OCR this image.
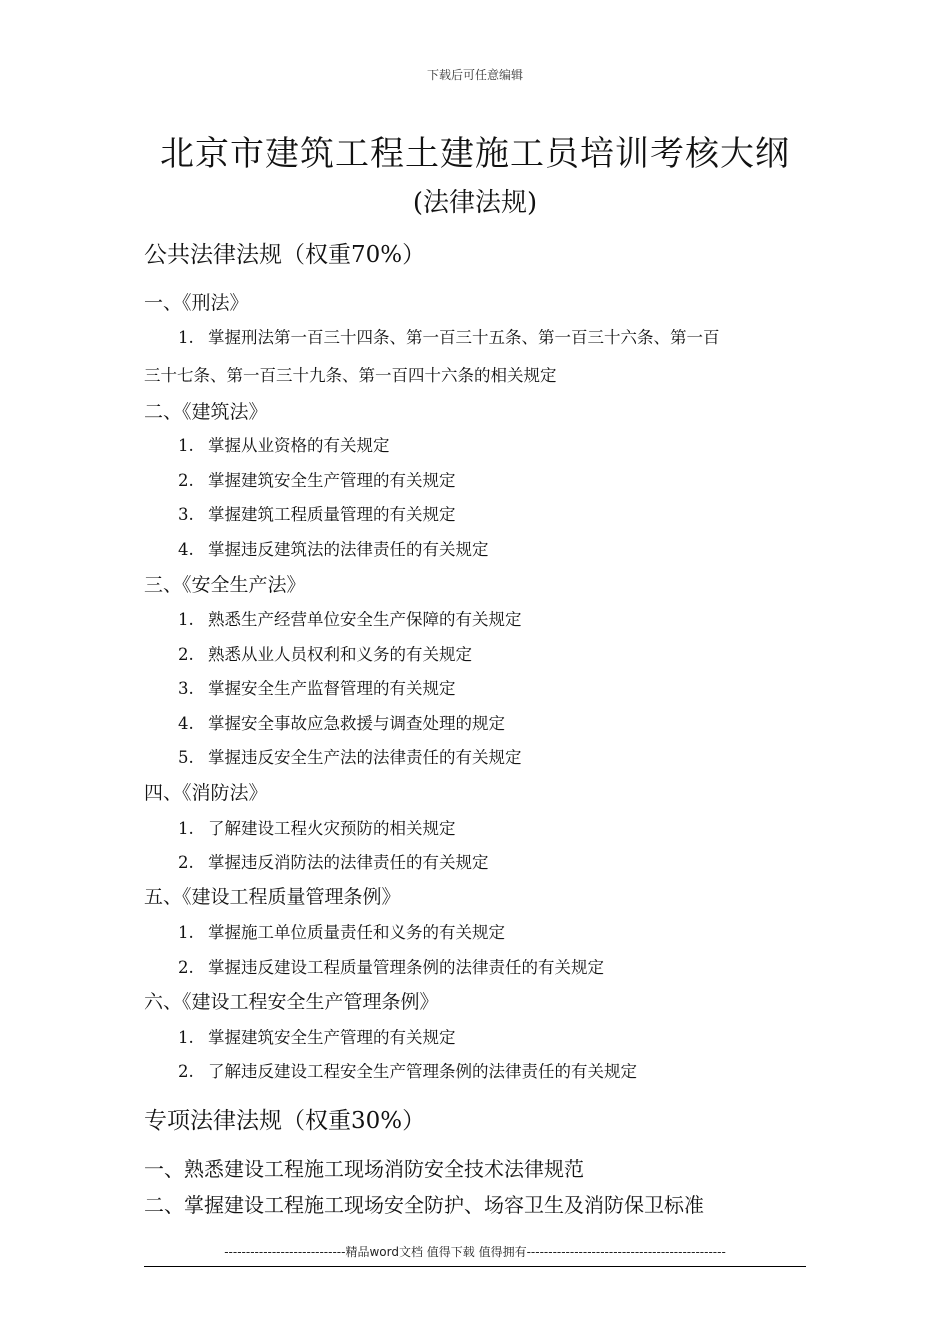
下载后可任意编辑
北京市建筑工程土建施工员培训考核大纲
(法律法规)
公共法律法规（权重70%）
一、《刑法》
1. 掌握刑法第一百三十四条、第一百三十五条、第一百三十六条、第一百
三十七条、第一百三十九条、第一百四十六条的相关规定
二、《建筑法》
1. 掌握从业资格的有关规定
2. 掌握建筑安全生产管理的有关规定
3. 掌握建筑工程质量管理的有关规定
4. 掌握违反建筑法的法律责任的有关规定
三、《安全生产法》
1. 熟悉生产经营单位安全生产保障的有关规定
2. 熟悉从业人员权利和义务的有关规定
3. 掌握安全生产监督管理的有关规定
4. 掌握安全事故应急救援与调查处理的规定
5. 掌握违反安全生产法的法律责任的有关规定
四、《消防法》
1. 了解建设工程火灾预防的相关规定
2. 掌握违反消防法的法律责任的有关规定
五、《建设工程质量管理条例》
1. 掌握施工单位质量责任和义务的有关规定
2. 掌握违反建设工程质量管理条例的法律责任的有关规定
六、《建设工程安全生产管理条例》
1. 掌握建筑安全生产管理的有关规定
2. 了解违反建设工程安全生产管理条例的法律责任的有关规定
专项法律法规（权重30%）
一、熟悉建设工程施工现场消防安全技术法律规范
二、掌握建设工程施工现场安全防护、场容卫生及消防保卫标准
----------------------------精品word文档 值得下载 值得拥有----------------------------------------------
